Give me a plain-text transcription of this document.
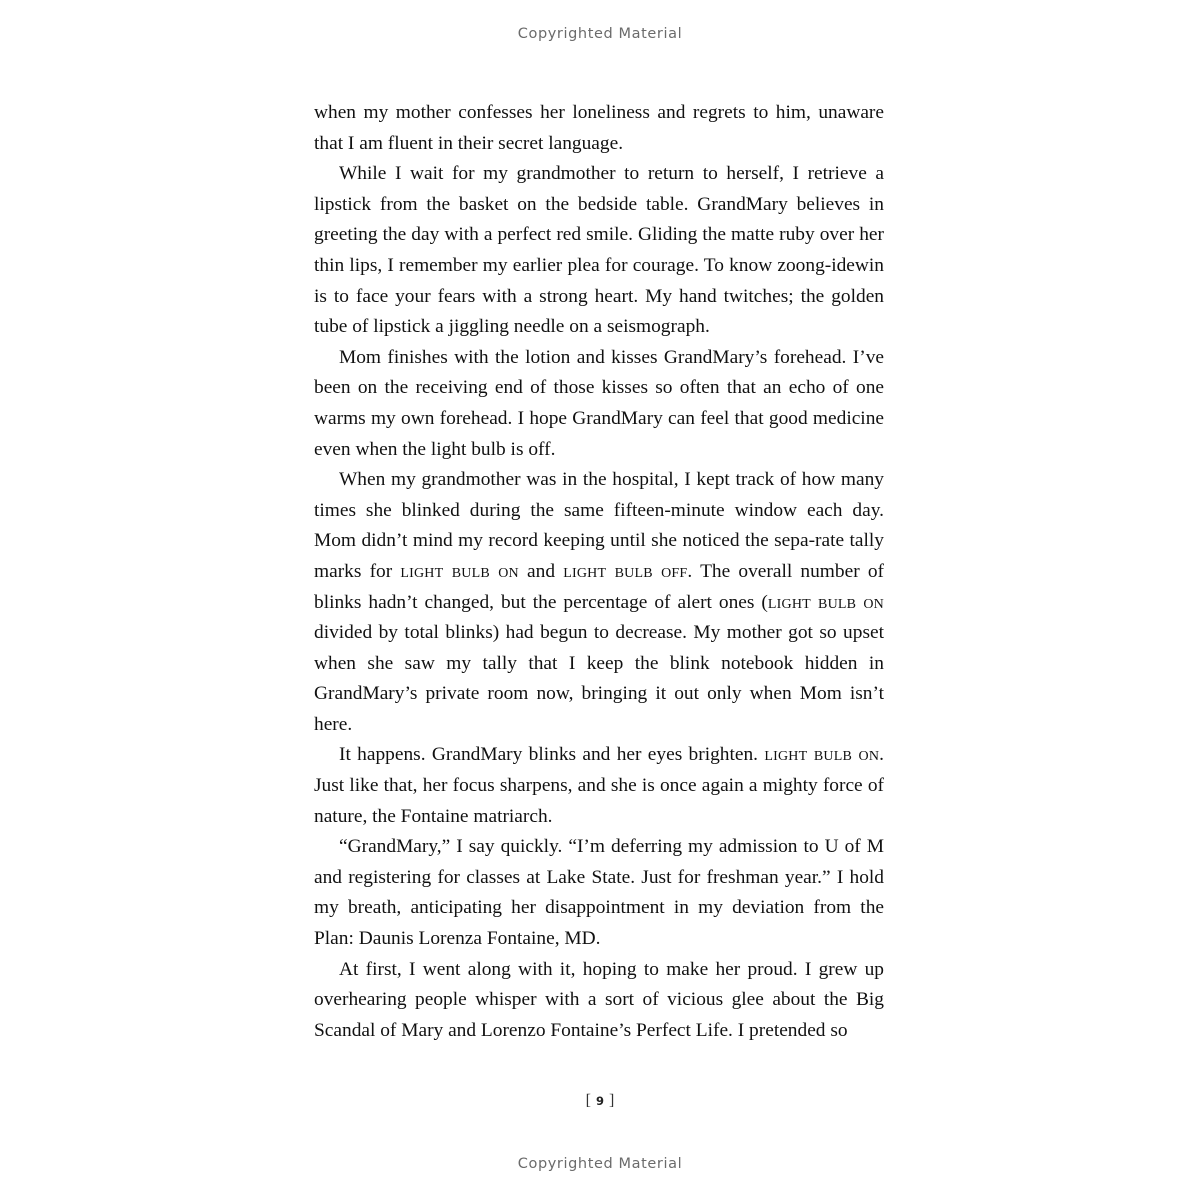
Copyrighted Material

when my mother confesses her loneliness and regrets to him, unaware that I am fluent in their secret language.

While I wait for my grandmother to return to herself, I retrieve a lipstick from the basket on the bedside table. GrandMary believes in greeting the day with a perfect red smile. Gliding the matte ruby over her thin lips, I remember my earlier plea for courage. To know zoong-idewin is to face your fears with a strong heart. My hand twitches; the golden tube of lipstick a jiggling needle on a seismograph.

Mom finishes with the lotion and kisses GrandMary’s forehead. I’ve been on the receiving end of those kisses so often that an echo of one warms my own forehead. I hope GrandMary can feel that good medicine even when the light bulb is off.

When my grandmother was in the hospital, I kept track of how many times she blinked during the same fifteen-minute window each day. Mom didn’t mind my record keeping until she noticed the sepa-rate tally marks for light bulb on and light bulb off. The overall number of blinks hadn’t changed, but the percentage of alert ones (light bulb on divided by total blinks) had begun to decrease. My mother got so upset when she saw my tally that I keep the blink notebook hidden in GrandMary’s private room now, bringing it out only when Mom isn’t here.

It happens. GrandMary blinks and her eyes brighten. light bulb on. Just like that, her focus sharpens, and she is once again a mighty force of nature, the Fontaine matriarch.

“GrandMary,” I say quickly. “I’m deferring my admission to U of M and registering for classes at Lake State. Just for freshman year.” I hold my breath, anticipating her disappointment in my deviation from the Plan: Daunis Lorenza Fontaine, MD.

At first, I went along with it, hoping to make her proud. I grew up overhearing people whisper with a sort of vicious glee about the Big Scandal of Mary and Lorenzo Fontaine’s Perfect Life. I pretended so

[ 9 ]
Copyrighted Material
